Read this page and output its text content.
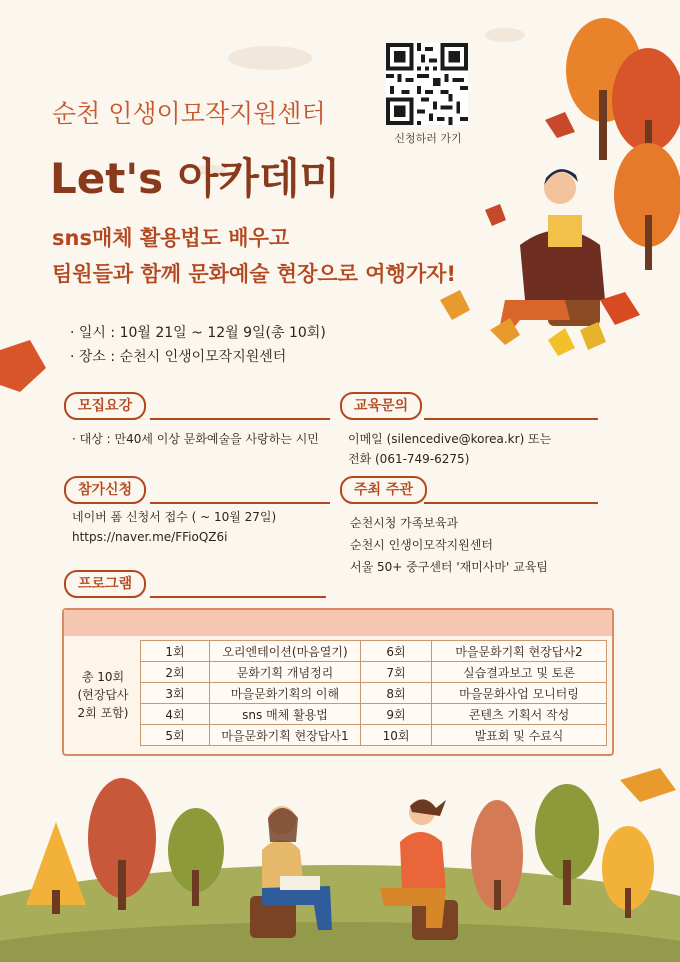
순천 인생이모작지원센터
Let's 아카데미
sns매체 활용법도 배우고
팀원들과 함께 문화예술 현장으로 여행가자!
신청하러 가기
· 일시 : 10월 21일 ~ 12월 9일(총 10회)
· 장소 : 순천시 인생이모작지원센터
모집요강
· 대상 : 만40세 이상 문화예술을 사랑하는 시민
교육문의
이메일 (silencedive@korea.kr) 또는
전화 (061-749-6275)
참가신청
네이버 폼 신청서 접수 ( ~ 10월 27일)
https://naver.me/FFioQZ6i
주최 주관
순천시청 가족보육과
순천시 인생이모작지원센터
서울 50+ 중구센터 '재미사마' 교육팀
프로그램
총 10회
(현장답사
2회 포함)
1회	오리엔테이션(마음열기)	6회	마을문화기획 현장답사2
2회	문화기획 개념정리	7회	실습결과보고 및 토론
3회	마을문화기획의 이해	8회	마을문화사업 모니터링
4회	sns 매체 활용법	9회	콘텐츠 기획서 작성
5회	마을문화기획 현장답사1	10회	발표회 및 수료식
